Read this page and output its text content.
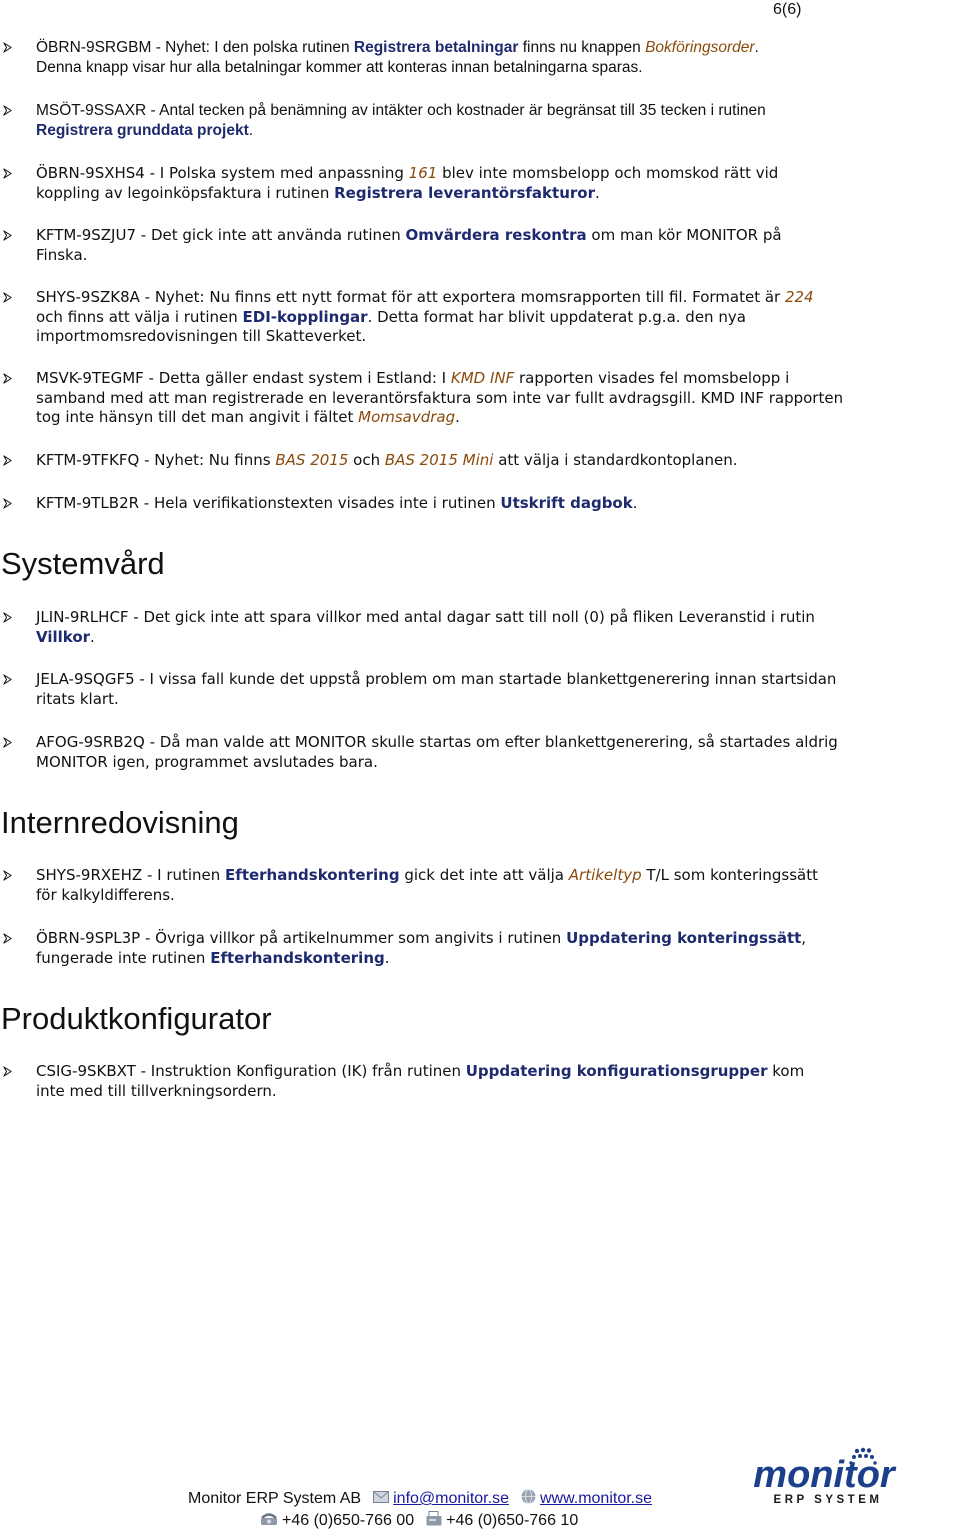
6(6)
ÖBRN-9SRGBM - Nyhet: I den polska rutinen Registrera betalningar finns nu knappen Bokföringsorder.
Denna knapp visar hur alla betalningar kommer att konteras innan betalningarna sparas.
MSÖT-9SSAXR - Antal tecken på benämning av intäkter och kostnader är begränsat till 35 tecken i rutinen
Registrera grunddata projekt.
ÖBRN-9SXHS4 - I Polska system med anpassning 161 blev inte momsbelopp och momskod rätt vid
koppling av legoinköpsfaktura i rutinen Registrera leverantörsfakturor.
KFTM-9SZJU7 - Det gick inte att använda rutinen Omvärdera reskontra om man kör MONITOR på
Finska.
SHYS-9SZK8A - Nyhet: Nu finns ett nytt format för att exportera momsrapporten till fil. Formatet är 224
och finns att välja i rutinen EDI-kopplingar. Detta format har blivit uppdaterat p.g.a. den nya
importmomsredovisningen till Skatteverket.
MSVK-9TEGMF - Detta gäller endast system i Estland: I KMD INF rapporten visades fel momsbelopp i
samband med att man registrerade en leverantörsfaktura som inte var fullt avdragsgill. KMD INF rapporten
tog inte hänsyn till det man angivit i fältet Momsavdrag.
KFTM-9TFKFQ - Nyhet: Nu finns BAS 2015 och BAS 2015 Mini att välja i standardkontoplanen.
KFTM-9TLB2R - Hela verifikationstexten visades inte i rutinen Utskrift dagbok.
Systemvård
JLIN-9RLHCF - Det gick inte att spara villkor med antal dagar satt till noll (0) på fliken Leveranstid i rutin
Villkor.
JELA-9SQGF5 - I vissa fall kunde det uppstå problem om man startade blankettgenerering innan startsidan
ritats klart.
AFOG-9SRB2Q - Då man valde att MONITOR skulle startas om efter blankettgenerering, så startades aldrig
MONITOR igen, programmet avslutades bara.
Internredovisning
SHYS-9RXEHZ - I rutinen Efterhandskontering gick det inte att välja Artikeltyp T/L som konteringssätt
för kalkyldifferens.
ÖBRN-9SPL3P - Övriga villkor på artikelnummer som angivits i rutinen Uppdatering konteringssätt,
fungerade inte rutinen Efterhandskontering.
Produktkonfigurator
CSIG-9SKBXT - Instruktion Konfiguration (IK) från rutinen Uppdatering konfigurationsgrupper kom
inte med till tillverkningsordern.
monitor
ERP SYSTEM
Monitor ERP System AB info@monitor.se www.monitor.se
+46 (0)650-766 00 +46 (0)650-766 10
